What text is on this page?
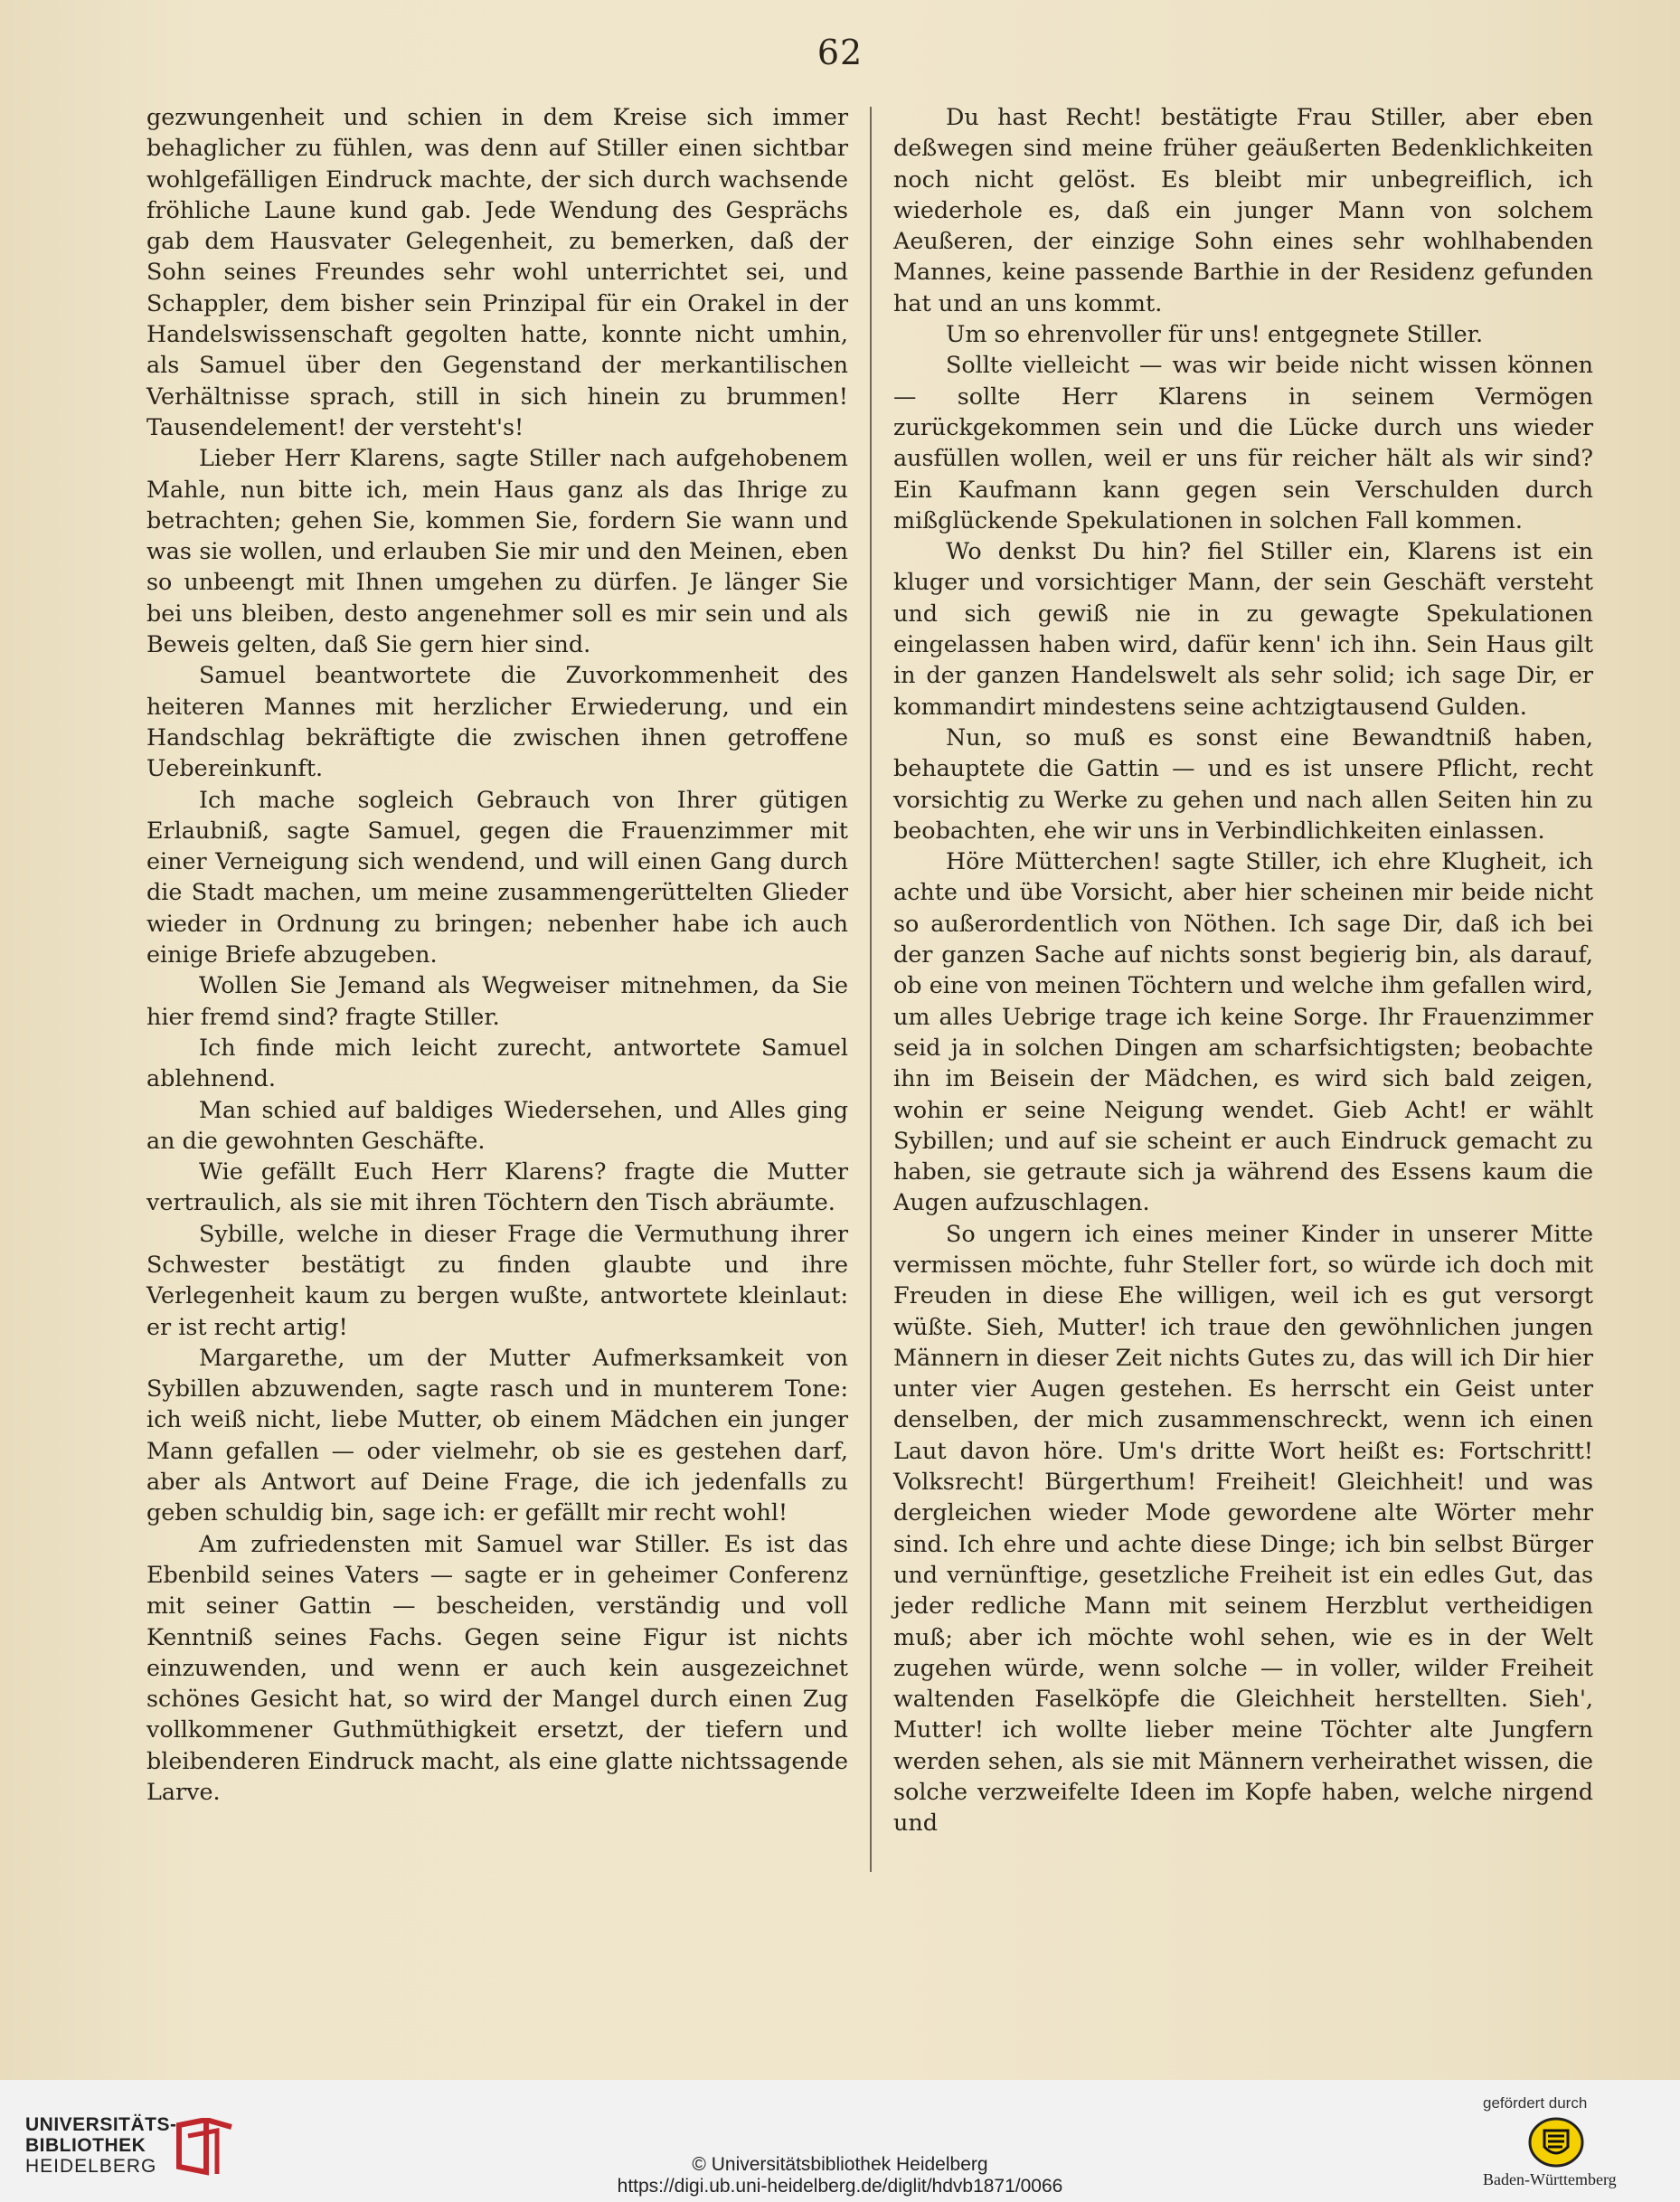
62

gezwungenheit und schien in dem Kreise sich immer behaglicher zu fühlen, was denn auf Stiller einen sichtbar wohlgefälligen Eindruck machte, der sich durch wachsende fröhliche Laune kund gab. Jede Wendung des Gesprächs gab dem Hausvater Gelegenheit, zu bemerken, daß der Sohn seines Freundes sehr wohl unterrichtet sei, und Schappler, dem bisher sein Prinzipal für ein Orakel in der Handelswissenschaft gegolten hatte, konnte nicht umhin, als Samuel über den Gegenstand der merkantilischen Verhältnisse sprach, still in sich hinein zu brummen! Tausendelement! der versteht's!

Lieber Herr Klarens, sagte Stiller nach aufgehobenem Mahle, nun bitte ich, mein Haus ganz als das Ihrige zu betrachten; gehen Sie, kommen Sie, fordern Sie wann und was sie wollen, und erlauben Sie mir und den Meinen, eben so unbeengt mit Ihnen umgehen zu dürfen. Je länger Sie bei uns bleiben, desto angenehmer soll es mir sein und als Beweis gelten, daß Sie gern hier sind.

Samuel beantwortete die Zuvorkommenheit des heiteren Mannes mit herzlicher Erwiederung, und ein Handschlag bekräftigte die zwischen ihnen getroffene Uebereinkunft.

Ich mache sogleich Gebrauch von Ihrer gütigen Erlaubniß, sagte Samuel, gegen die Frauenzimmer mit einer Verneigung sich wendend, und will einen Gang durch die Stadt machen, um meine zusammengerüttelten Glieder wieder in Ordnung zu bringen; nebenher habe ich auch einige Briefe abzugeben.

Wollen Sie Jemand als Wegweiser mitnehmen, da Sie hier fremd sind? fragte Stiller.

Ich finde mich leicht zurecht, antwortete Samuel ablehnend.

Man schied auf baldiges Wiedersehen, und Alles ging an die gewohnten Geschäfte.

Wie gefällt Euch Herr Klarens? fragte die Mutter vertraulich, als sie mit ihren Töchtern den Tisch abräumte.

Sybille, welche in dieser Frage die Vermuthung ihrer Schwester bestätigt zu finden glaubte und ihre Verlegenheit kaum zu bergen wußte, antwortete kleinlaut: er ist recht artig!

Margarethe, um der Mutter Aufmerksamkeit von Sybillen abzuwenden, sagte rasch und in munterem Tone: ich weiß nicht, liebe Mutter, ob einem Mädchen ein junger Mann gefallen — oder vielmehr, ob sie es gestehen darf, aber als Antwort auf Deine Frage, die ich jedenfalls zu geben schuldig bin, sage ich: er gefällt mir recht wohl!

Am zufriedensten mit Samuel war Stiller. Es ist das Ebenbild seines Vaters — sagte er in geheimer Conferenz mit seiner Gattin — bescheiden, verständig und voll Kenntniß seines Fachs. Gegen seine Figur ist nichts einzuwenden, und wenn er auch kein ausgezeichnet schönes Gesicht hat, so wird der Mangel durch einen Zug vollkommener Guthmüthigkeit ersetzt, der tiefern und bleibenderen Eindruck macht, als eine glatte nichtssagende Larve.

Du hast Recht! bestätigte Frau Stiller, aber eben deßwegen sind meine früher geäußerten Bedenklichkeiten noch nicht gelöst. Es bleibt mir unbegreiflich, ich wiederhole es, daß ein junger Mann von solchem Aeußeren, der einzige Sohn eines sehr wohlhabenden Mannes, keine passende Barthie in der Residenz gefunden hat und an uns kommt.

Um so ehrenvoller für uns! entgegnete Stiller.

Sollte vielleicht — was wir beide nicht wissen können — sollte Herr Klarens in seinem Vermögen zurückgekommen sein und die Lücke durch uns wieder ausfüllen wollen, weil er uns für reicher hält als wir sind? Ein Kaufmann kann gegen sein Verschulden durch mißglückende Spekulationen in solchen Fall kommen.

Wo denkst Du hin? fiel Stiller ein, Klarens ist ein kluger und vorsichtiger Mann, der sein Geschäft versteht und sich gewiß nie in zu gewagte Spekulationen eingelassen haben wird, dafür kenn' ich ihn. Sein Haus gilt in der ganzen Handelswelt als sehr solid; ich sage Dir, er kommandirt mindestens seine achtzigtausend Gulden.

Nun, so muß es sonst eine Bewandtniß haben, behauptete die Gattin — und es ist unsere Pflicht, recht vorsichtig zu Werke zu gehen und nach allen Seiten hin zu beobachten, ehe wir uns in Verbindlichkeiten einlassen.

Höre Mütterchen! sagte Stiller, ich ehre Klugheit, ich achte und übe Vorsicht, aber hier scheinen mir beide nicht so außerordentlich von Nöthen. Ich sage Dir, daß ich bei der ganzen Sache auf nichts sonst begierig bin, als darauf, ob eine von meinen Töchtern und welche ihm gefallen wird, um alles Uebrige trage ich keine Sorge. Ihr Frauenzimmer seid ja in solchen Dingen am scharfsichtigsten; beobachte ihn im Beisein der Mädchen, es wird sich bald zeigen, wohin er seine Neigung wendet. Gieb Acht! er wählt Sybillen; und auf sie scheint er auch Eindruck gemacht zu haben, sie getraute sich ja während des Essens kaum die Augen aufzuschlagen.

So ungern ich eines meiner Kinder in unserer Mitte vermissen möchte, fuhr Steller fort, so würde ich doch mit Freuden in diese Ehe willigen, weil ich es gut versorgt wüßte. Sieh, Mutter! ich traue den gewöhnlichen jungen Männern in dieser Zeit nichts Gutes zu, das will ich Dir hier unter vier Augen gestehen. Es herrscht ein Geist unter denselben, der mich zusammenschreckt, wenn ich einen Laut davon höre. Um's dritte Wort heißt es: Fortschritt! Volksrecht! Bürgerthum! Freiheit! Gleichheit! und was dergleichen wieder Mode gewordene alte Wörter mehr sind. Ich ehre und achte diese Dinge; ich bin selbst Bürger und vernünftige, gesetzliche Freiheit ist ein edles Gut, das jeder redliche Mann mit seinem Herzblut vertheidigen muß; aber ich möchte wohl sehen, wie es in der Welt zugehen würde, wenn solche — in voller, wilder Freiheit waltenden Faselköpfe die Gleichheit herstellten. Sieh', Mutter! ich wollte lieber meine Töchter alte Jungfern werden sehen, als sie mit Männern verheirathet wissen, die solche verzweifelte Ideen im Kopfe haben, welche nirgend und

UNIVERSITÄTS-
BIBLIOTHEK
HEIDELBERG	© Universitätsbibliothek Heidelberg
https://digi.ub.uni-heidelberg.de/diglit/hdvb1871/0066
gefördert durch
Baden-Württemberg
